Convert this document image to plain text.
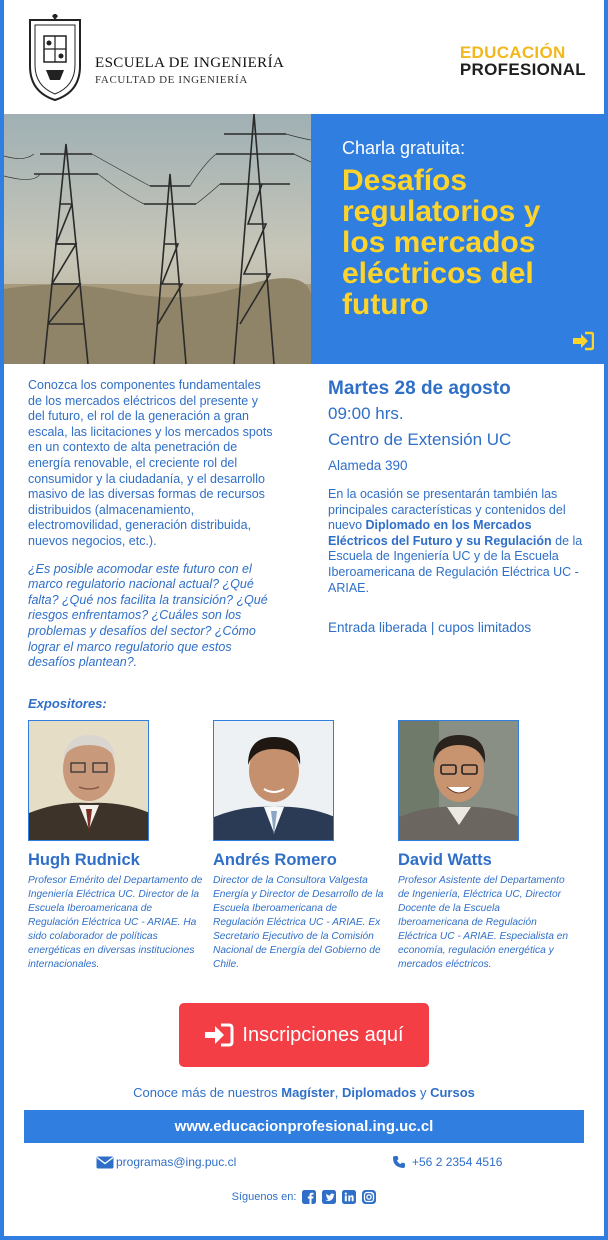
ESCUELA DE INGENIERÍA
FACULTAD DE INGENIERÍA
EDUCACIÓN
PROFESIONAL
Charla gratuita:
Desafíos regulatorios y los mercados eléctricos del futuro

Conozca los componentes fundamentales de los mercados eléctricos del presente y del futuro, el rol de la generación a gran escala, las licitaciones y los mercados spots en un contexto de alta penetración de energía renovable, el creciente rol del consumidor y la ciudadanía, y el desarrollo masivo de las diversas formas de recursos distribuidos (almacenamiento, electromovilidad, generación distribuida, nuevos negocios, etc.).

¿Es posible acomodar este futuro con el marco regulatorio nacional actual? ¿Qué falta? ¿Qué nos facilita la transición? ¿Qué riesgos enfrentamos? ¿Cuáles son los problemas y desafíos del sector? ¿Cómo lograr el marco regulatorio que estos desafíos plantean?.

Martes 28 de agosto
09:00 hrs.
Centro de Extensión UC
Alameda 390
En la ocasión se presentarán también las principales características y contenidos del nuevo Diplomado en los Mercados Eléctricos del Futuro y su Regulación de la Escuela de Ingeniería UC y de la Escuela Iberoamericana de Regulación Eléctrica UC - ARIAE.
Entrada liberada | cupos limitados
Expositores:
Hugh Rudnick
Profesor Emérito del Departamento de Ingeniería Eléctrica UC. Director de la Escuela Iberoamericana de Regulación Eléctrica UC - ARIAE. Ha sido colaborador de políticas energéticas en diversas instituciones internacionales.
Andrés Romero
Director de la Consultora Valgesta Energía y Director de Desarrollo de la Escuela Iberoamericana de Regulación Eléctrica UC - ARIAE. Ex Secretario Ejecutivo de la Comisión Nacional de Energía del Gobierno de Chile.
David Watts
Profesor Asistente del Departamento de Ingeniería, Eléctrica UC, Director Docente de la Escuela Iberoamericana de Regulación Eléctrica UC - ARIAE. Especialista en economía, regulación energética y mercados eléctricos.
Inscripciones aquí
Conoce más de nuestros Magíster, Diplomados y Cursos
www.educacionprofesional.ing.uc.cl
programas@ing.puc.cl	+56 2 2354 4516
Síguenos en:
